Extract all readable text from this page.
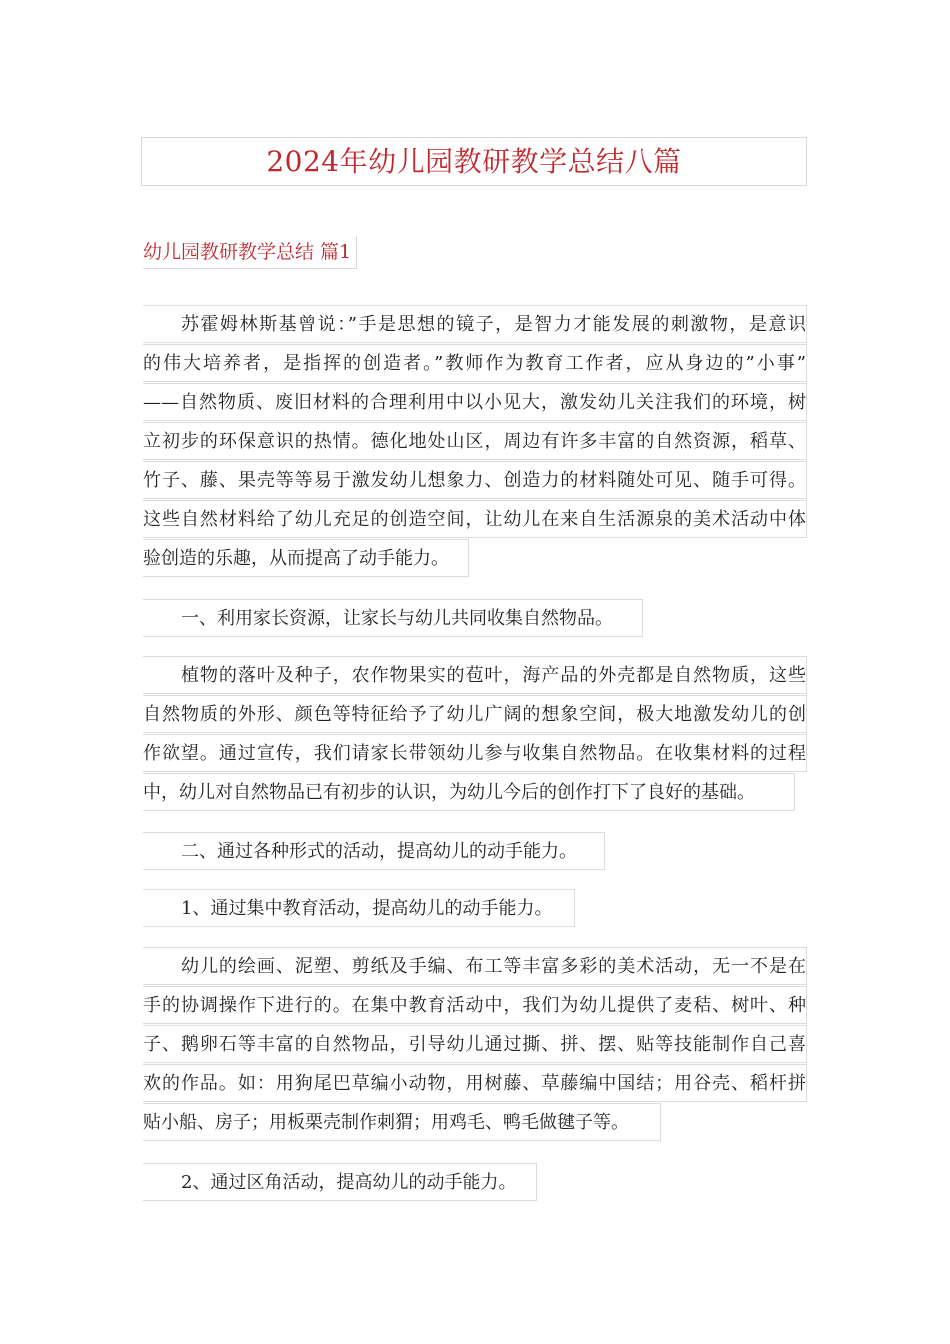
2024年幼儿园教研教学总结八篇
幼儿园教研教学总结 篇1
苏霍姆林斯基曾说：”手是思想的镜子，是智力才能发展的刺激物，是意识
的伟大培养者，是指挥的创造者。”教师作为教育工作者，应从身边的”小事”
——自然物质、废旧材料的合理利用中以小见大，激发幼儿关注我们的环境，树
立初步的环保意识的热情。德化地处山区，周边有许多丰富的自然资源，稻草、
竹子、藤、果壳等等易于激发幼儿想象力、创造力的材料随处可见、随手可得。
这些自然材料给了幼儿充足的创造空间，让幼儿在来自生活源泉的美术活动中体
验创造的乐趣，从而提高了动手能力。
一、利用家长资源，让家长与幼儿共同收集自然物品。
植物的落叶及种子，农作物果实的苞叶，海产品的外壳都是自然物质，这些
自然物质的外形、颜色等特征给予了幼儿广阔的想象空间，极大地激发幼儿的创
作欲望。通过宣传，我们请家长带领幼儿参与收集自然物品。在收集材料的过程
中，幼儿对自然物品已有初步的认识，为幼儿今后的创作打下了良好的基础。
二、通过各种形式的活动，提高幼儿的动手能力。
1、通过集中教育活动，提高幼儿的动手能力。
幼儿的绘画、泥塑、剪纸及手编、布工等丰富多彩的美术活动，无一不是在
手的协调操作下进行的。在集中教育活动中，我们为幼儿提供了麦秸、树叶、种
子、鹅卵石等丰富的自然物品，引导幼儿通过撕、拼、摆、贴等技能制作自己喜
欢的作品。如：用狗尾巴草编小动物，用树藤、草藤编中国结；用谷壳、稻杆拼
贴小船、房子；用板栗壳制作刺猬；用鸡毛、鸭毛做毽子等。
2、通过区角活动，提高幼儿的动手能力。
